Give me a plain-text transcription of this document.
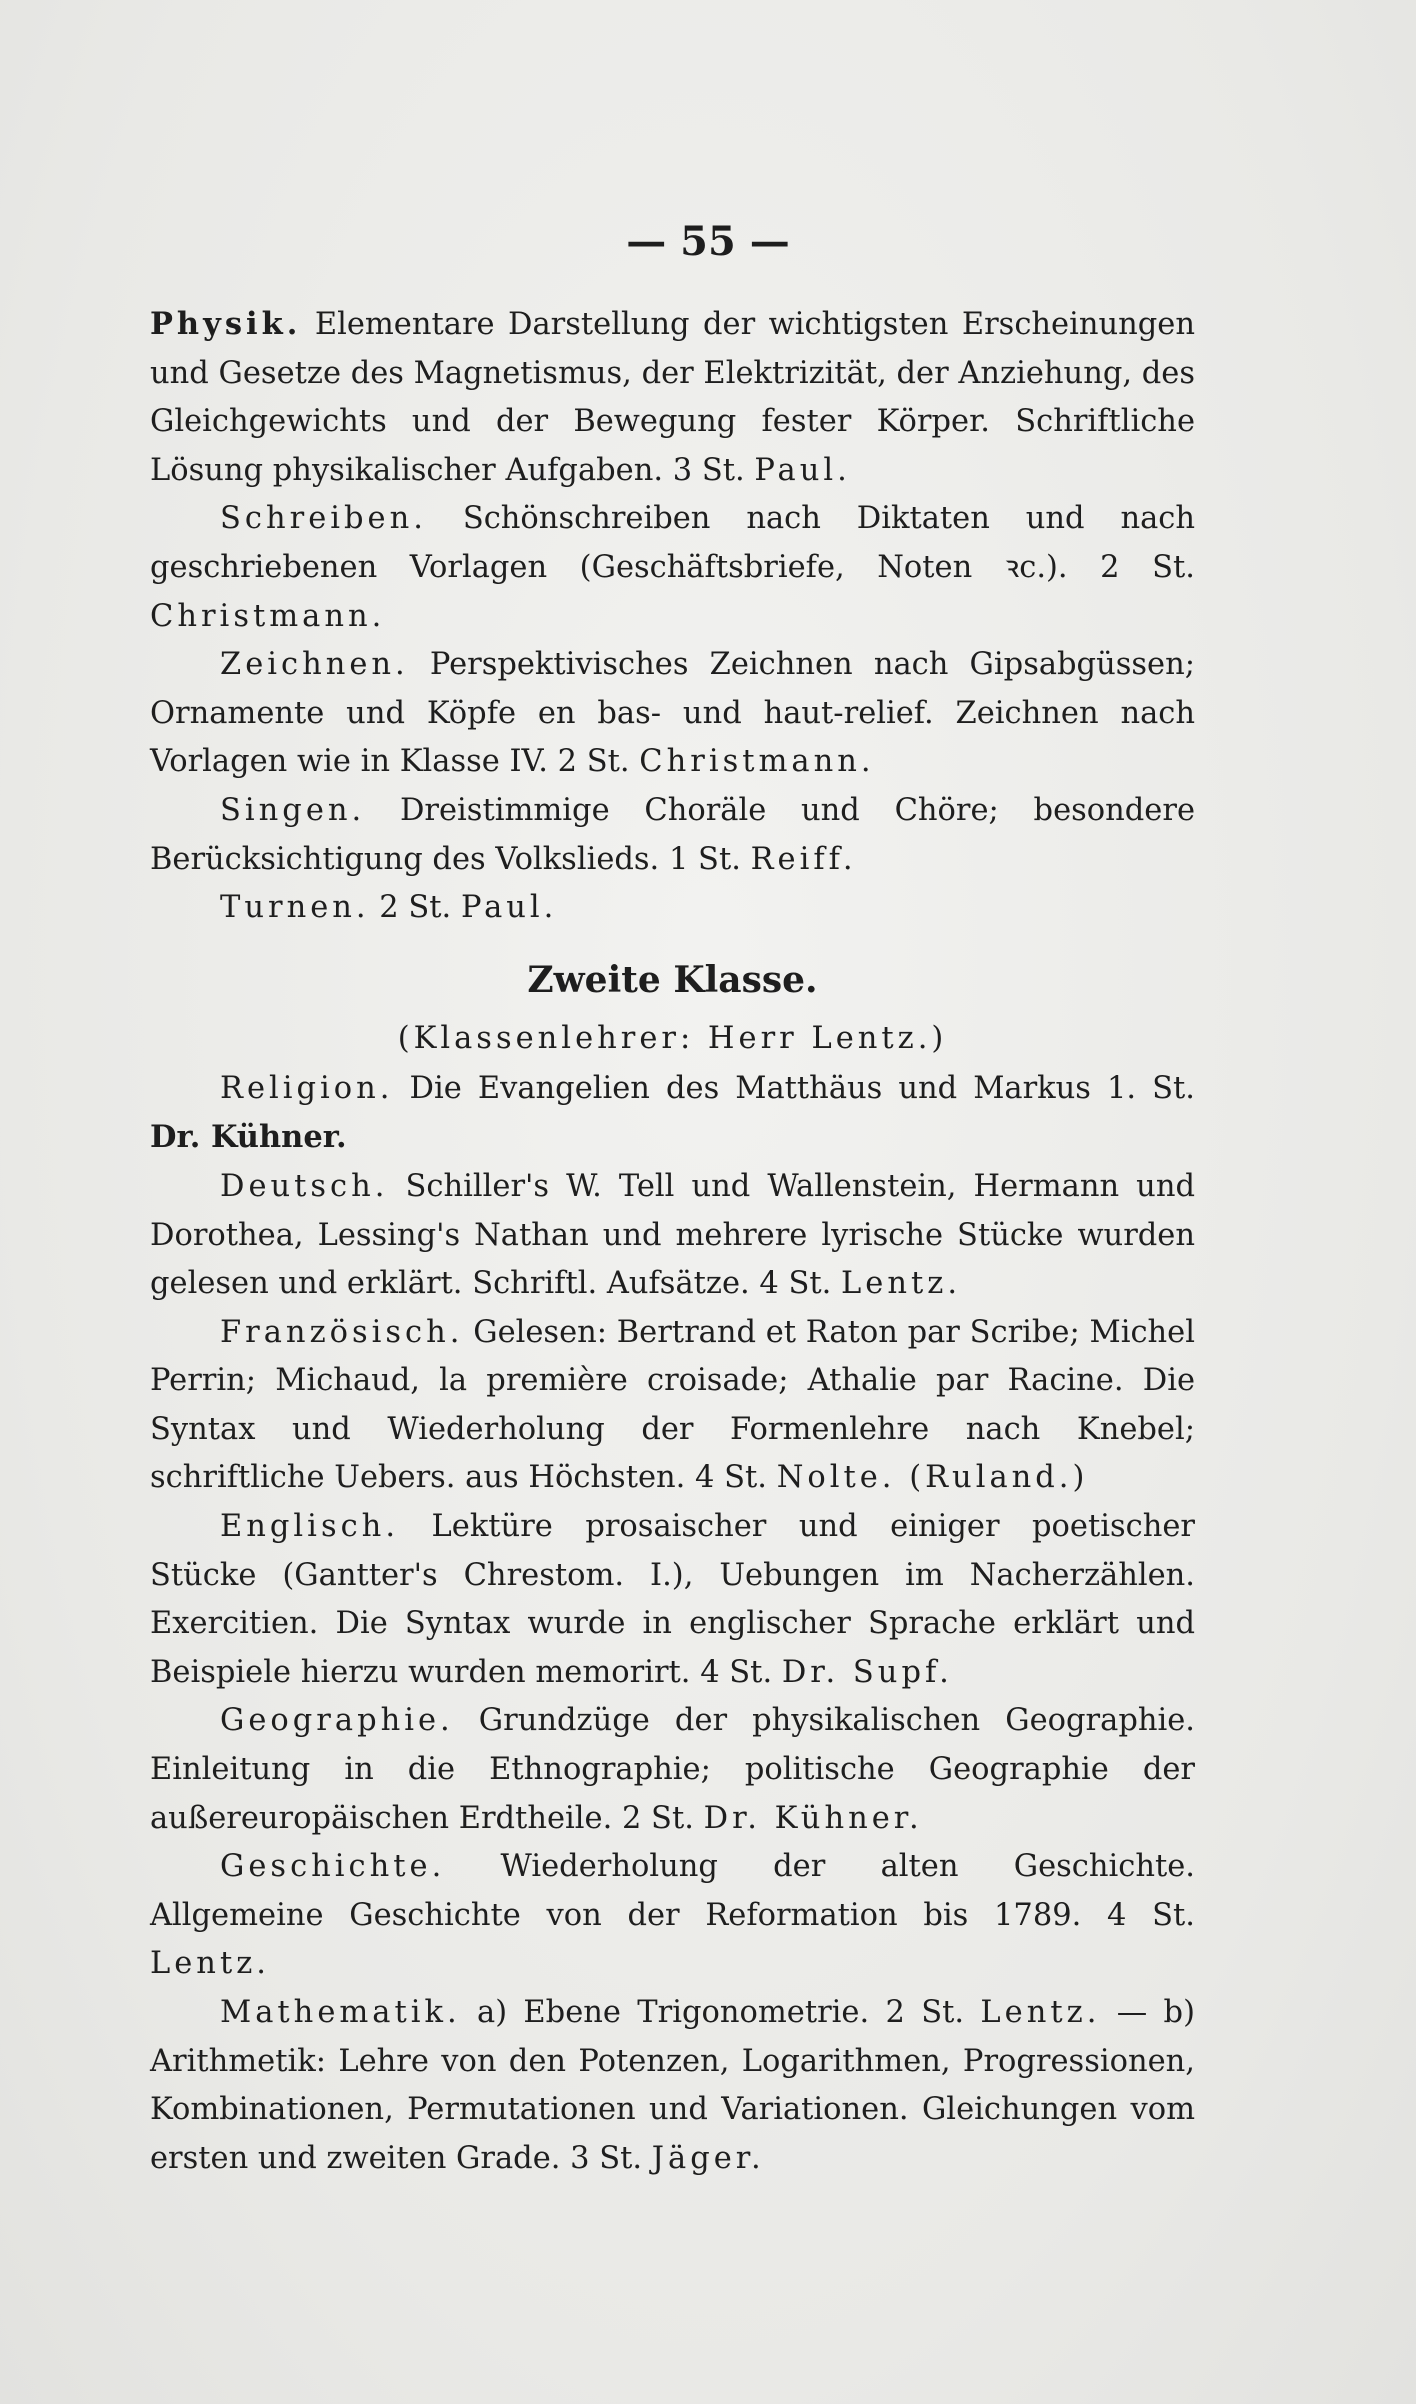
— 55 —

Physik. Elementare Darstellung der wichtigsten Erscheinungen und Gesetze des Magnetismus, der Elektrizität, der Anziehung, des Gleichgewichts und der Bewegung fester Körper. Schriftliche Lösung physikalischer Aufgaben. 3 St. Paul.

Schreiben. Schönschreiben nach Diktaten und nach geschriebenen Vorlagen (Geschäftsbriefe, Noten ꝛc.). 2 St. Christmann.

Zeichnen. Perspektivisches Zeichnen nach Gipsabgüssen; Ornamente und Köpfe en bas- und haut-relief. Zeichnen nach Vorlagen wie in Klasse IV. 2 St. Christmann.

Singen. Dreistimmige Choräle und Chöre; besondere Berücksichtigung des Volkslieds. 1 St. Reiff.

Turnen. 2 St. Paul.

Zweite Klasse.

(Klassenlehrer: Herr Lentz.)

Religion. Die Evangelien des Matthäus und Markus 1. St. Dr. Kühner.

Deutsch. Schiller's W. Tell und Wallenstein, Hermann und Dorothea, Lessing's Nathan und mehrere lyrische Stücke wurden gelesen und erklärt. Schriftl. Aufsätze. 4 St. Lentz.

Französisch. Gelesen: Bertrand et Raton par Scribe; Michel Perrin; Michaud, la première croisade; Athalie par Racine. Die Syntax und Wiederholung der Formenlehre nach Knebel; schriftliche Uebers. aus Höchsten. 4 St. Nolte. (Ruland.)

Englisch. Lektüre prosaischer und einiger poetischer Stücke (Gantter's Chrestom. I.), Uebungen im Nacherzählen. Exercitien. Die Syntax wurde in englischer Sprache erklärt und Beispiele hierzu wurden memorirt. 4 St. Dr. Supf.

Geographie. Grundzüge der physikalischen Geographie. Einleitung in die Ethnographie; politische Geographie der außereuropäischen Erdtheile. 2 St. Dr. Kühner.

Geschichte. Wiederholung der alten Geschichte. Allgemeine Geschichte von der Reformation bis 1789. 4 St. Lentz.

Mathematik. a) Ebene Trigonometrie. 2 St. Lentz. — b) Arithmetik: Lehre von den Potenzen, Logarithmen, Progressionen, Kombinationen, Permutationen und Variationen. Gleichungen vom ersten und zweiten Grade. 3 St. Jäger.
